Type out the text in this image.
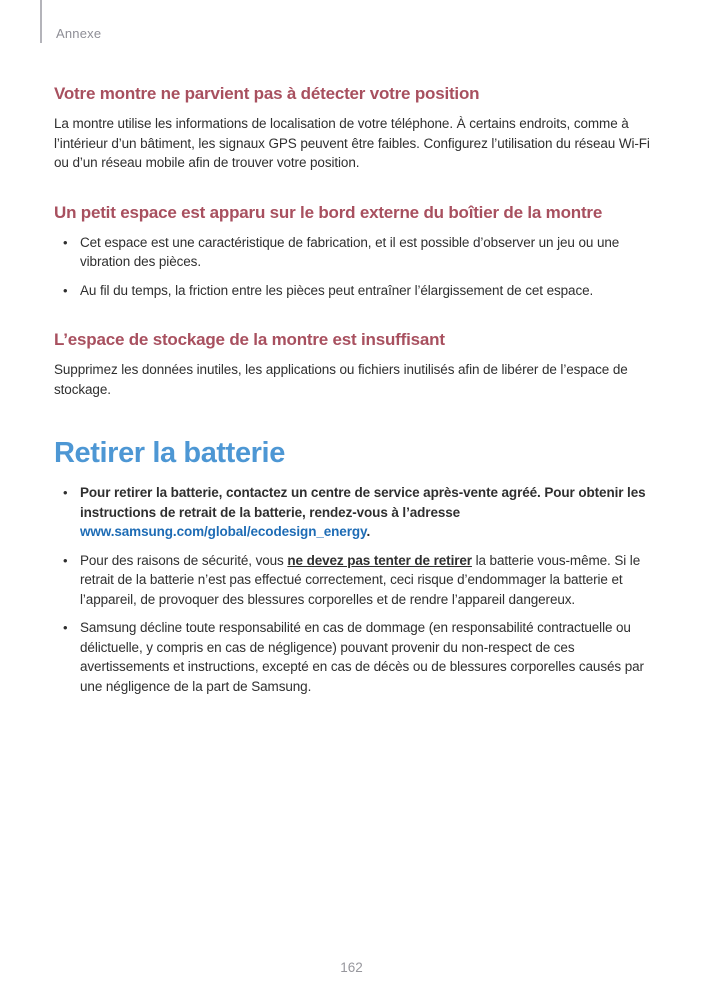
Annexe
Votre montre ne parvient pas à détecter votre position

La montre utilise les informations de localisation de votre téléphone. À certains endroits, comme à l’intérieur d’un bâtiment, les signaux GPS peuvent être faibles. Configurez l’utilisation du réseau Wi-Fi ou d’un réseau mobile afin de trouver votre position.

Un petit espace est apparu sur le bord externe du boîtier de la montre
•
Cet espace est une caractéristique de fabrication, et il est possible d’observer un jeu ou une vibration des pièces.
•
Au fil du temps, la friction entre les pièces peut entraîner l’élargissement de cet espace.
L’espace de stockage de la montre est insuffisant

Supprimez les données inutiles, les applications ou fichiers inutilisés afin de libérer de l’espace de stockage.

Retirer la batterie
•
Pour retirer la batterie, contactez un centre de service après-vente agréé. Pour obtenir les instructions de retrait de la batterie, rendez-vous à l’adresse www.samsung.com/global/ecodesign_energy.
•
Pour des raisons de sécurité, vous ne devez pas tenter de retirer la batterie vous-même. Si le retrait de la batterie n’est pas effectué correctement, ceci risque d’endommager la batterie et l’appareil, de provoquer des blessures corporelles et de rendre l’appareil dangereux.
•
Samsung décline toute responsabilité en cas de dommage (en responsabilité contractuelle ou délictuelle, y compris en cas de négligence) pouvant provenir du non-respect de ces avertissements et instructions, excepté en cas de décès ou de blessures corporelles causés par une négligence de la part de Samsung.
162
